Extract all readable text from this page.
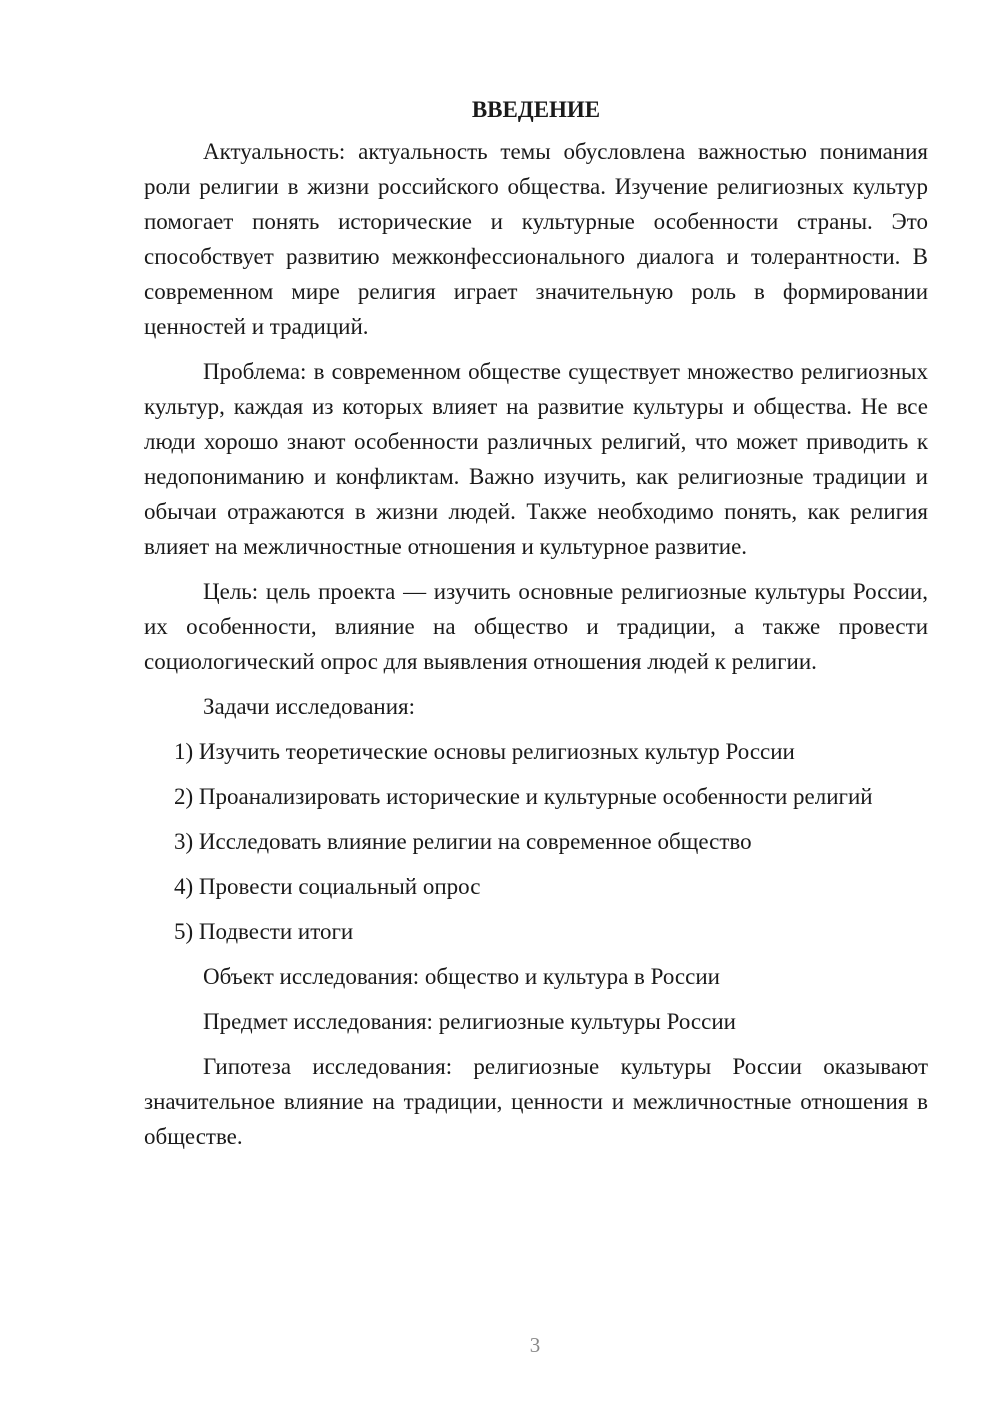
ВВЕДЕНИЕ

Актуальность: актуальность темы обусловлена важностью понимания роли религии в жизни российского общества. Изучение религиозных культур помогает понять исторические и культурные особенности страны. Это способствует развитию межконфессионального диалога и толерантности. В современном мире религия играет значительную роль в формировании ценностей и традиций.

Проблема: в современном обществе существует множество религиозных культур, каждая из которых влияет на развитие культуры и общества. Не все люди хорошо знают особенности различных религий, что может приводить к недопониманию и конфликтам. Важно изучить, как религиозные традиции и обычаи отражаются в жизни людей. Также необходимо понять, как религия влияет на межличностные отношения и культурное развитие.

Цель: цель проекта — изучить основные религиозные культуры России, их особенности, влияние на общество и традиции, а также провести социологический опрос для выявления отношения людей к религии.

Задачи исследования:

1) Изучить теоретические основы религиозных культур России

2) Проанализировать исторические и культурные особенности религий

3) Исследовать влияние религии на современное общество

4) Провести социальный опрос

5) Подвести итоги

Объект исследования: общество и культура в России

Предмет исследования: религиозные культуры России

Гипотеза исследования: религиозные культуры России оказывают значительное влияние на традиции, ценности и межличностные отношения в обществе.

3
